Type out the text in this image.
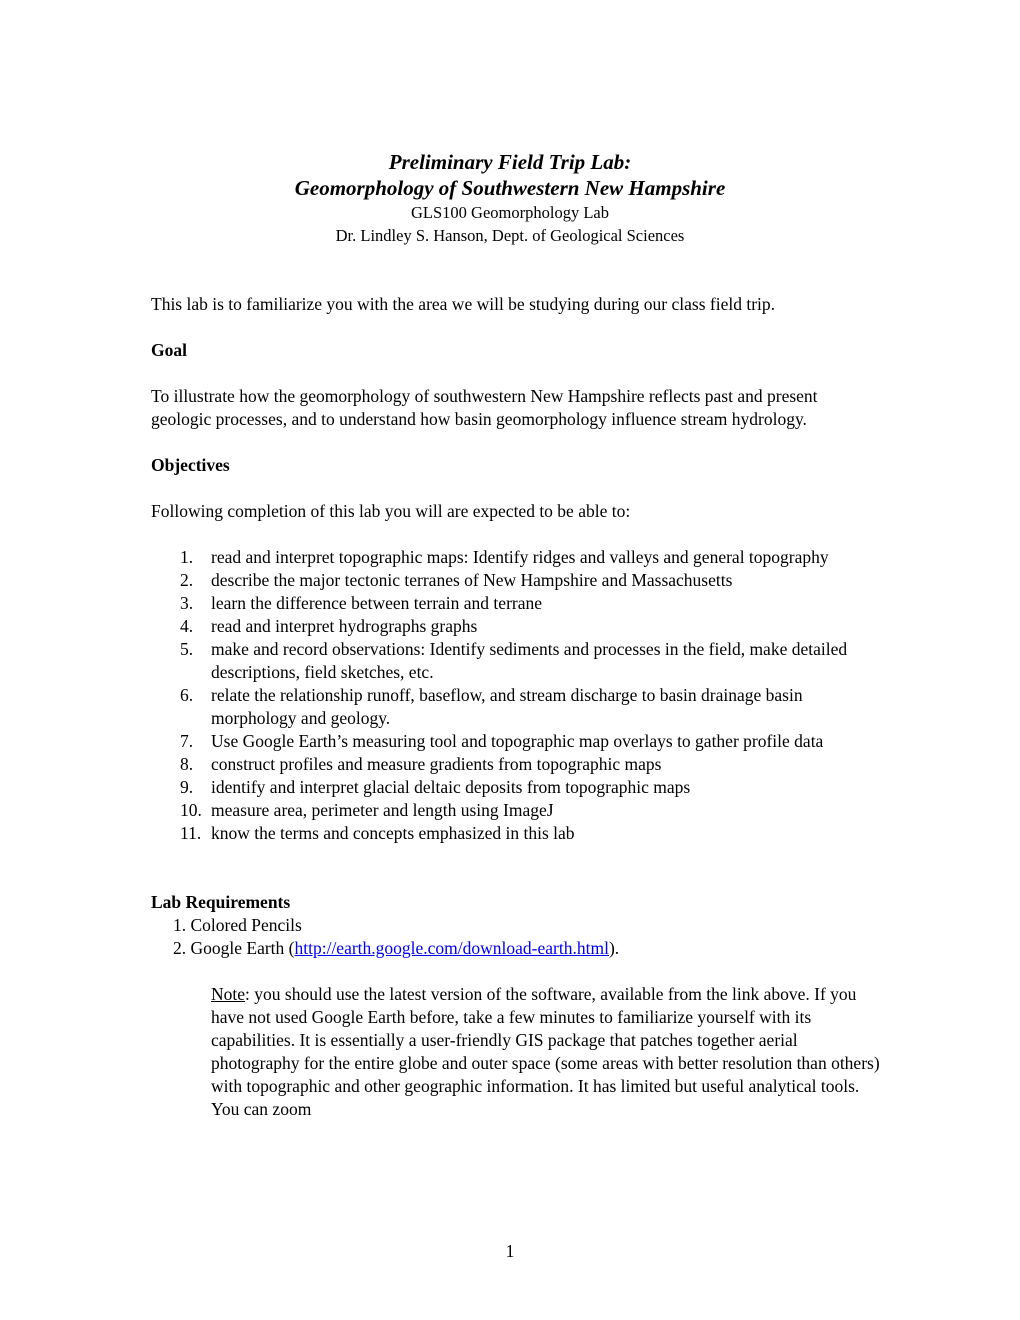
Preliminary Field Trip Lab:
Geomorphology of Southwestern New Hampshire
GLS100 Geomorphology Lab
Dr. Lindley S. Hanson, Dept. of Geological Sciences

This lab is to familiarize you with the area we will be studying during our class field trip.

Goal

To illustrate how the geomorphology of southwestern New Hampshire reflects past and present geologic processes, and to understand how basin geomorphology influence stream hydrology.

Objectives

Following completion of this lab you will are expected to be able to:

1.	read and interpret topographic maps: Identify ridges and valleys and general topography
2.	describe the major tectonic terranes of New Hampshire and Massachusetts
3.	learn the difference between terrain and terrane
4.	read and interpret hydrographs graphs
5.	make and record observations: Identify sediments and processes in the field, make detailed descriptions, field sketches, etc.
6.	relate the relationship runoff, baseflow, and stream discharge to basin drainage basin morphology and geology.
7.	Use Google Earth’s measuring tool and topographic map overlays to gather profile data
8.	construct profiles and measure gradients from topographic maps
9.	identify and interpret glacial deltaic deposits from topographic maps
10. measure area, perimeter and length using ImageJ
11. know the terms and concepts emphasized in this lab

Lab Requirements

1. Colored Pencils

2. Google Earth (http://earth.google.com/download-earth.html).

Note: you should use the latest version of the software, available from the link above. If you have not used Google Earth before, take a few minutes to familiarize yourself with its capabilities. It is essentially a user-friendly GIS package that patches together aerial photography for the entire globe and outer space (some areas with better resolution than others) with topographic and other geographic information. It has limited but useful analytical tools. You can zoom

1
